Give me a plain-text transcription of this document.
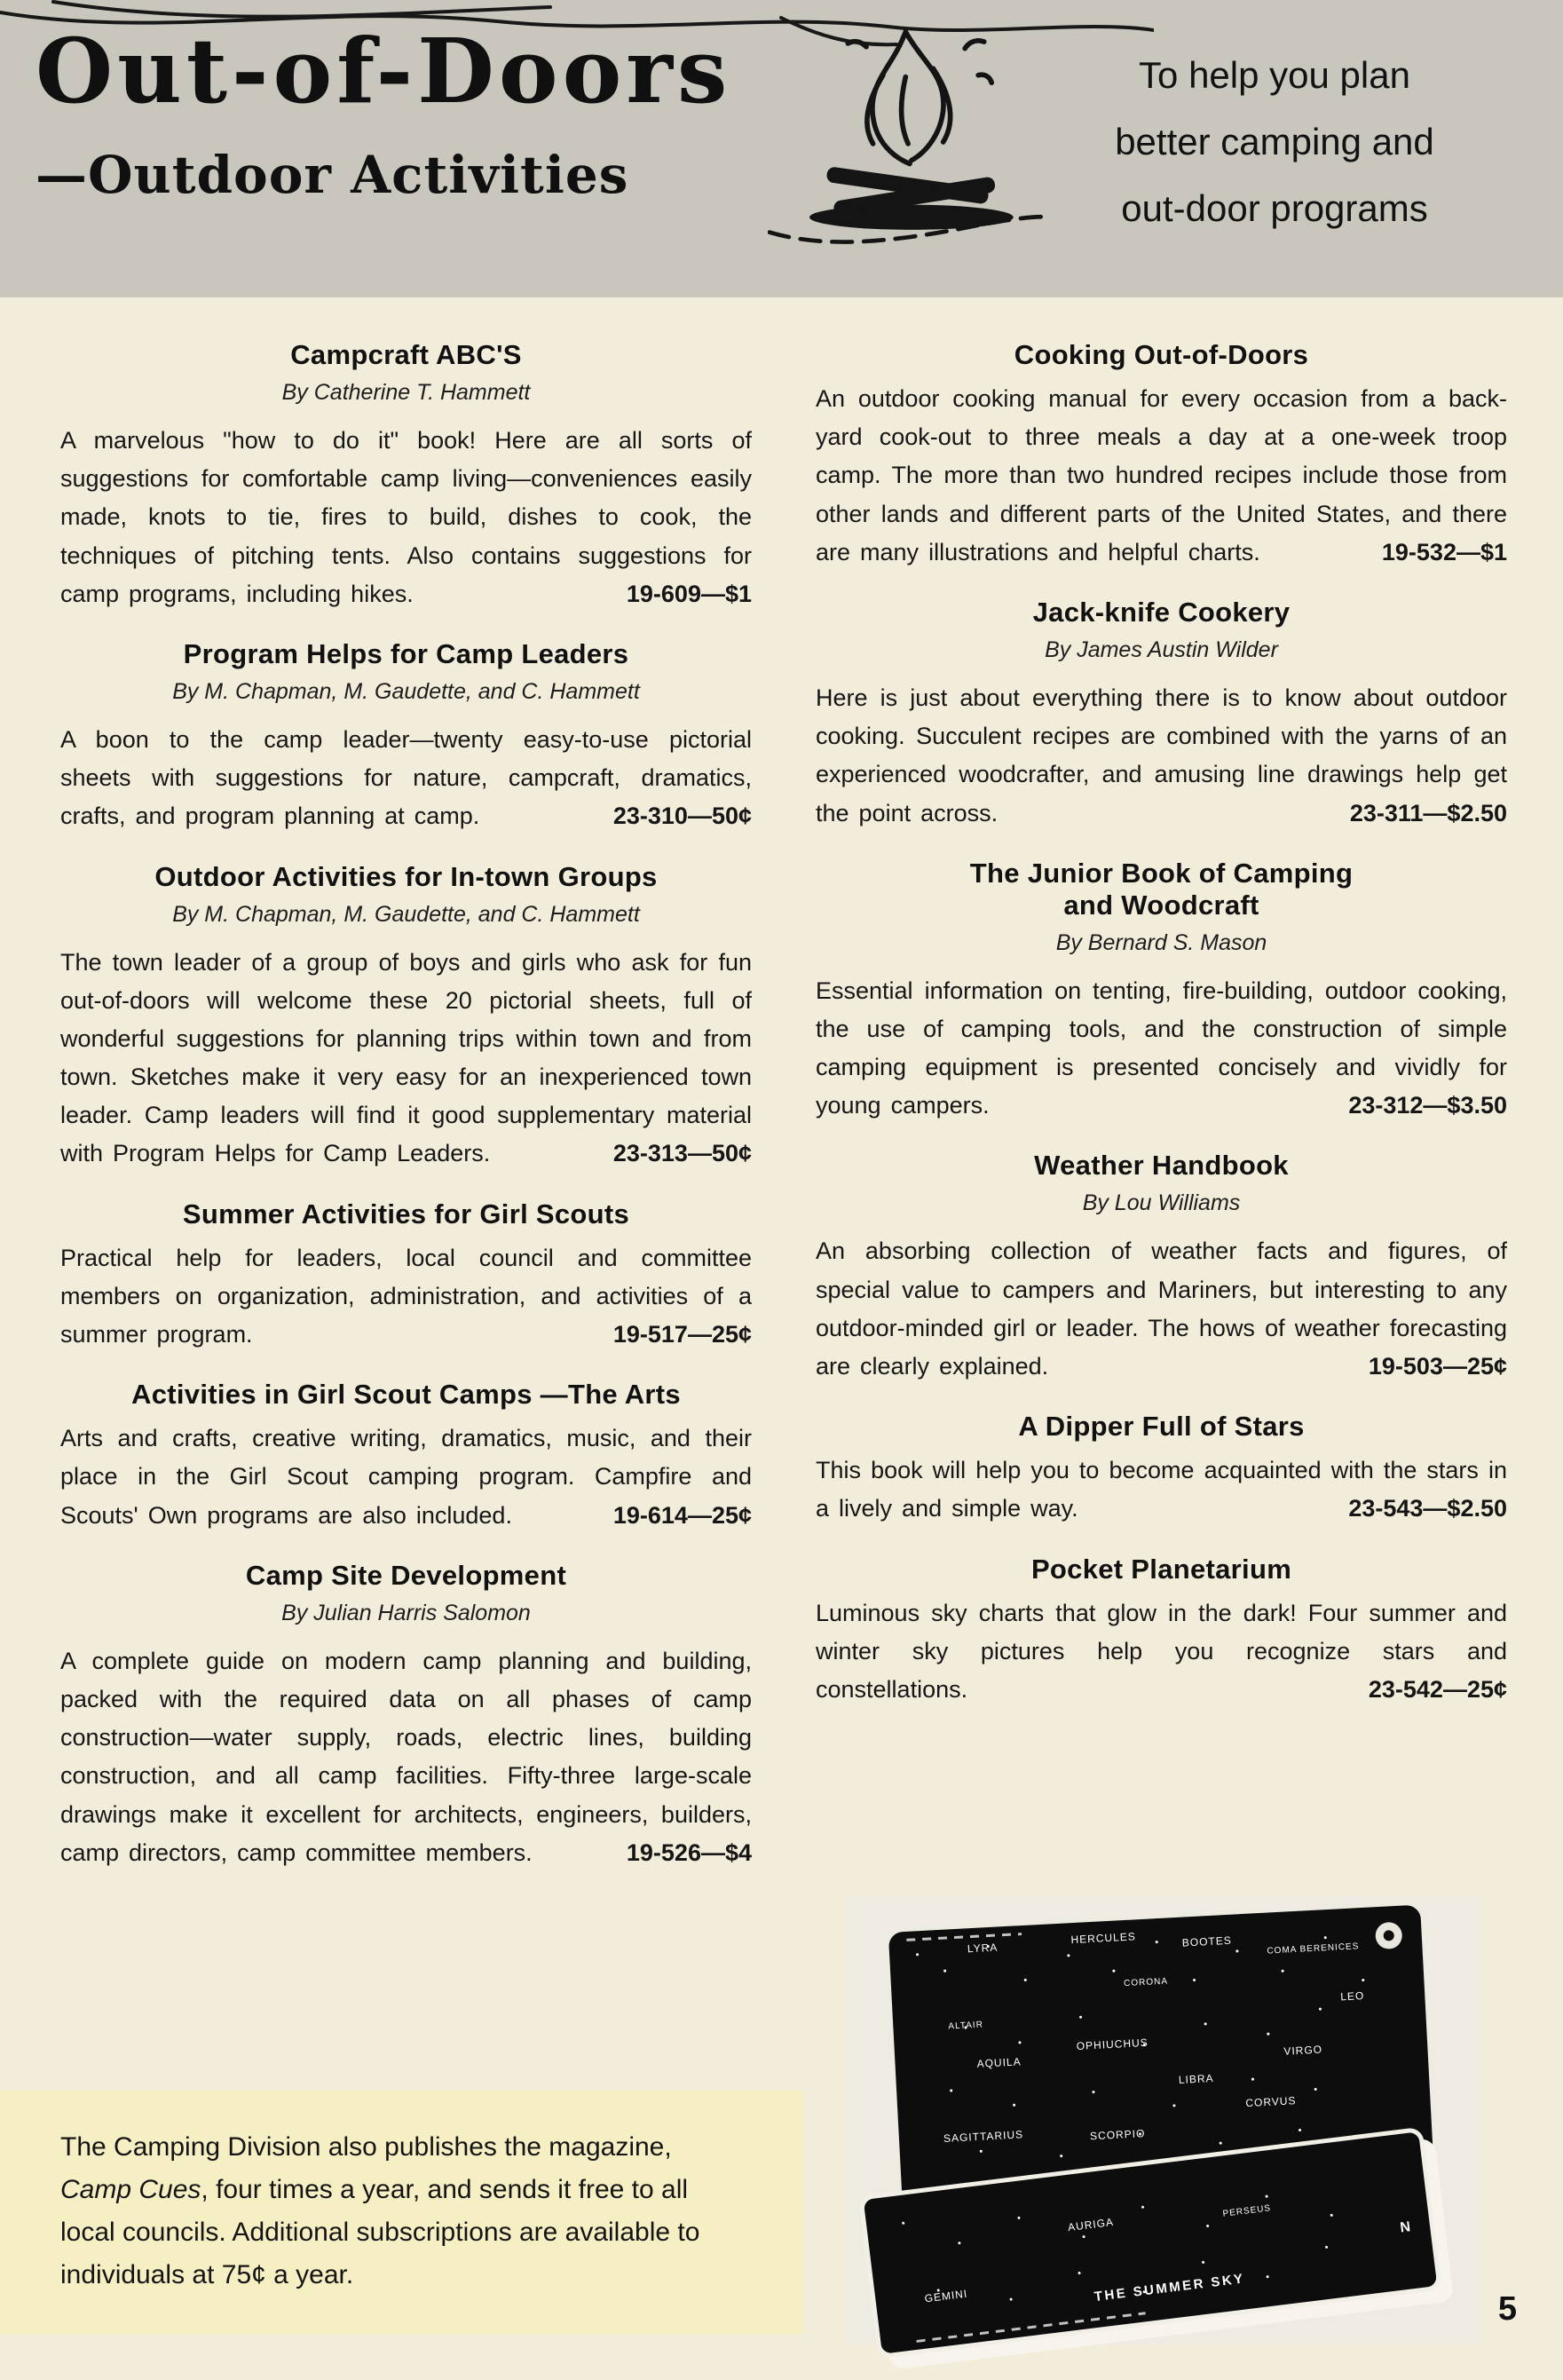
Out-of-Doors
—Outdoor Activities
To help you plan
better camping and
out-door programs
Campcraft ABC'S

By Catherine T. Hammett

A marvelous "how to do it" book! Here are all sorts of suggestions for comfortable camp living—conveniences easily made, knots to tie, fires to build, dishes to cook, the techniques of pitching tents. Also contains suggestions for camp programs, including hikes.	19-609—$1

Program Helps for Camp Leaders

By M. Chapman, M. Gaudette, and C. Hammett

A boon to the camp leader—twenty easy-to-use pictorial sheets with suggestions for nature, campcraft, dramatics, crafts, and program planning at camp.	23-310—50¢

Outdoor Activities for In-town Groups

By M. Chapman, M. Gaudette, and C. Hammett

The town leader of a group of boys and girls who ask for fun out-of-doors will welcome these 20 pictorial sheets, full of wonderful suggestions for planning trips within town and from town. Sketches make it very easy for an inexperienced town leader. Camp leaders will find it good supplementary material with Program Helps for Camp Leaders.	23-313—50¢

Summer Activities for Girl Scouts

Practical help for leaders, local council and committee members on organization, administration, and activities of a summer program.	19-517—25¢

Activities in Girl Scout Camps —The Arts

Arts and crafts, creative writing, dramatics, music, and their place in the Girl Scout camping program. Campfire and Scouts' Own programs are also included.	19-614—25¢

Camp Site Development

By Julian Harris Salomon

A complete guide on modern camp planning and building, packed with the required data on all phases of camp construction—water supply, roads, electric lines, building construction, and all camp facilities. Fifty-three large-scale drawings make it excellent for architects, engineers, builders, camp directors, camp committee members.	19-526—$4

Cooking Out-of-Doors

An outdoor cooking manual for every occasion from a back-yard cook-out to three meals a day at a one-week troop camp. The more than two hundred recipes include those from other lands and different parts of the United States, and there are many illustrations and helpful charts.	19-532—$1

Jack-knife Cookery

By James Austin Wilder

Here is just about everything there is to know about outdoor cooking. Succulent recipes are combined with the yarns of an experienced woodcrafter, and amusing line drawings help get the point across.	23-311—$2.50

The Junior Book of Camping
and Woodcraft

By Bernard S. Mason

Essential information on tenting, fire-building, outdoor cooking, the use of camping tools, and the construction of simple camping equipment is presented concisely and vividly for young campers.	23-312—$3.50

Weather Handbook

By Lou Williams

An absorbing collection of weather facts and figures, of special value to campers and Mariners, but interesting to any outdoor-minded girl or leader. The hows of weather forecasting are clearly explained.	19-503—25¢

A Dipper Full of Stars

This book will help you to become acquainted with the stars in a lively and simple way.	23-543—$2.50

Pocket Planetarium

Luminous sky charts that glow in the dark! Four summer and winter sky pictures help you recognize stars and constellations.	23-542—25¢

The Camping Division also publishes the magazine, Camp Cues, four times a year, and sends it free to all local councils. Additional subscriptions are available to individuals at 75¢ a year.
LYRA
HERCULES	BOOTES	COMA BERENICES
CORONA
ALTAIR
AQUILA
OPHIUCHUS
LEO
VIRGO
LIBRA
SAGITTARIUS	SCORPIO
CORVUS
GEMINI
AURIGA
PERSEUS
THE SUMMER SKY
N
5
